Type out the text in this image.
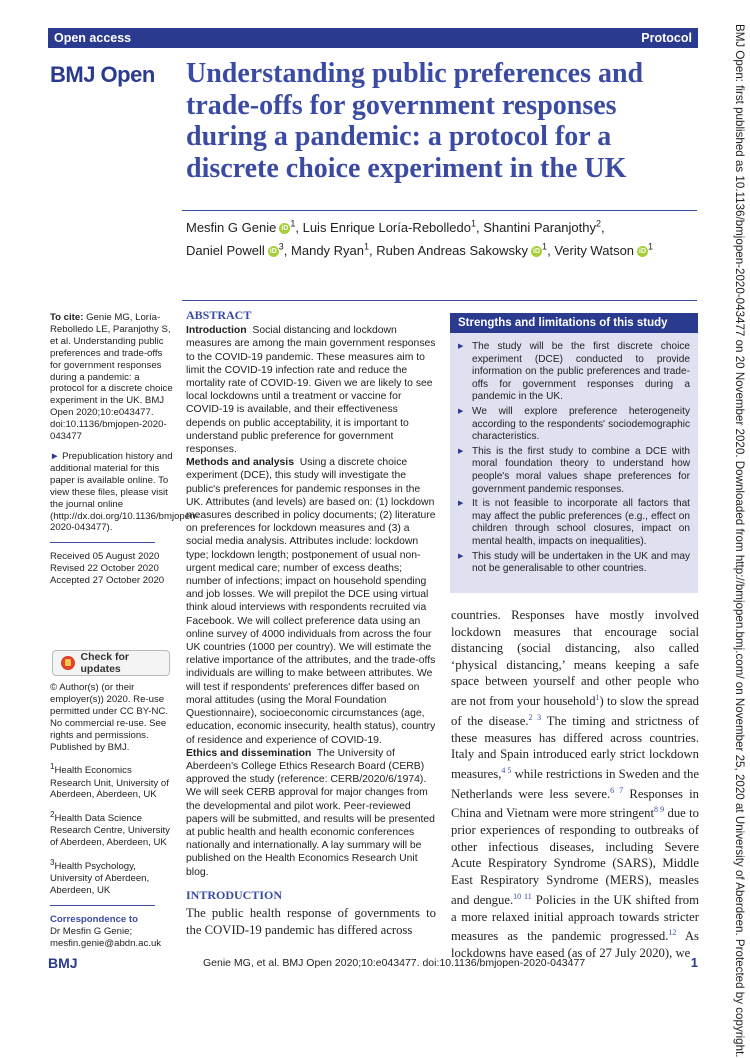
Open access	Protocol
BMJ Open Understanding public preferences and trade-offs for government responses during a pandemic: a protocol for a discrete choice experiment in the UK
Mesfin G Genie iD $^1$, Luis Enrique Loría-Rebolledo$^1$, Shantini Paranjothy$^2$, Daniel Powell iD $^3$, Mandy Ryan$^1$, Ruben Andreas Sakowsky iD $^1$, Verity Watson iD $^1$

To cite: Genie MG, Loría-Rebolledo LE, Paranjothy S, et al. Understanding public preferences and trade-offs for government responses during a pandemic: a protocol for a discrete choice experiment in the UK. BMJ Open 2020;10:e043477. doi:10.1136/bmjopen-2020-043477

► Prepublication history and additional material for this paper is available online. To view these files, please visit the journal online (http://dx.doi.org/10.1136/bmjopen-2020-043477).

Received 05 August 2020
Revised 22 October 2020
Accepted 27 October 2020

Check for updates

© Author(s) (or their employer(s)) 2020. Re-use permitted under CC BY-NC. No commercial re-use. See rights and permissions. Published by BMJ.

$^1$Health Economics Research Unit, University of Aberdeen, Aberdeen, UK

$^2$Health Data Science Research Centre, University of Aberdeen, Aberdeen, UK

$^3$Health Psychology, University of Aberdeen, Aberdeen, UK

Correspondence to
Dr Mesfin G Genie;
mesfin.genie@abdn.ac.uk

ABSTRACT

Introduction Social distancing and lockdown measures are among the main government responses to the COVID-19 pandemic. These measures aim to limit the COVID-19 infection rate and reduce the mortality rate of COVID-19. Given we are likely to see local lockdowns until a treatment or vaccine for COVID-19 is available, and their effectiveness depends on public acceptability, it is important to understand public preference for government responses.

Methods and analysis Using a discrete choice experiment (DCE), this study will investigate the public's preferences for pandemic responses in the UK. Attributes (and levels) are based on: (1) lockdown measures described in policy documents; (2) literature on preferences for lockdown measures and (3) a social media analysis. Attributes include: lockdown type; lockdown length; postponement of usual non-urgent medical care; number of excess deaths; number of infections; impact on household spending and job losses. We will prepilot the DCE using virtual think aloud interviews with respondents recruited via Facebook. We will collect preference data using an online survey of 4000 individuals from across the four UK countries (1000 per country). We will estimate the relative importance of the attributes, and the trade-offs individuals are willing to make between attributes. We will test if respondents' preferences differ based on moral attitudes (using the Moral Foundation Questionnaire), socioeconomic circumstances (age, education, economic insecurity, health status), country of residence and experience of COVID-19.

Ethics and dissemination The University of Aberdeen's College Ethics Research Board (CERB) approved the study (reference: CERB/2020/6/1974). We will seek CERB approval for major changes from the developmental and pilot work. Peer-reviewed papers will be submitted, and results will be presented at public health and health economic conferences nationally and internationally. A lay summary will be published on the Health Economics Research Unit blog.

Strengths and limitations of this study
▶ The study will be the first discrete choice experiment (DCE) conducted to provide information on the public preferences and trade-offs for government responses during a pandemic in the UK.
▶ We will explore preference heterogeneity according to the respondents' sociodemographic characteristics.
▶ This is the first study to combine a DCE with moral foundation theory to understand how people's moral values shape preferences for government pandemic responses.
▶ It is not feasible to incorporate all factors that may affect the public preferences (e.g., effect on children through school closures, impact on mental health, impacts on inequalities).
▶ This study will be undertaken in the UK and may not be generalisable to other countries.

countries. Responses have mostly involved lockdown measures that encourage social distancing (social distancing, also called ‘physical distancing,’ means keeping a safe space between yourself and other people who are not from your household$^1$) to slow the spread of the disease.$^{2 3}$ The timing and strictness of these measures has differed across countries. Italy and Spain introduced early strict lockdown measures,$^{4 5}$ while restrictions in Sweden and the Netherlands were less severe.$^{6 7}$ Responses in China and Vietnam were more stringent$^{8 9}$ due to prior experiences of responding to outbreaks of other infectious diseases, including Severe Acute Respiratory Syndrome (SARS), Middle East Respiratory Syndrome (MERS), measles and dengue.$^{10 11}$ Policies in the UK shifted from a more relaxed initial approach towards stricter measures as the pandemic progressed.$^{12}$ As lockdowns have eased (as of 27 July 2020), we

INTRODUCTION

The public health response of governments to the COVID-19 pandemic has differed across

BMJ	Genie MG, et al. BMJ Open 2020;10:e043477. doi:10.1136/bmjopen-2020-043477	1	BMJ Open: first published as 10.1136/bmjopen-2020-043477 on 20 November 2020. Downloaded from http://bmjopen.bmj.com/ on November 25, 2020 at University of Aberdeen. Protected by copyright.
